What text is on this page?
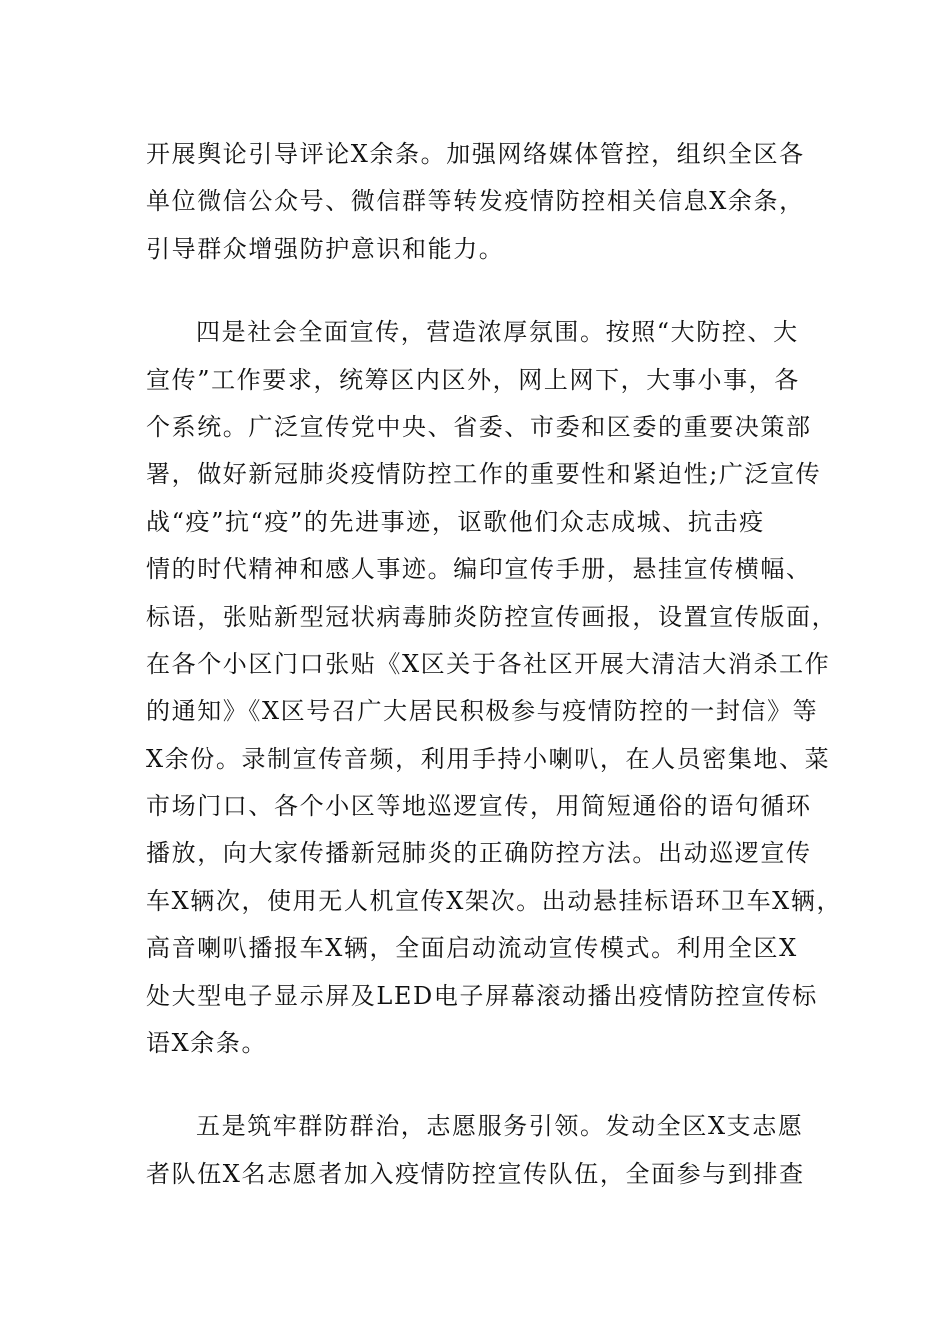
开展舆论引导评论X余条。加强网络媒体管控，组织全区各
单位微信公众号、微信群等转发疫情防控相关信息X余条，
引导群众增强防护意识和能力。
四是社会全面宣传，营造浓厚氛围。按照“大防控、大
宣传”工作要求，统筹区内区外，网上网下，大事小事，各
个系统。广泛宣传党中央、省委、市委和区委的重要决策部
署，做好新冠肺炎疫情防控工作的重要性和紧迫性;广泛宣传
战“疫”抗“疫”的先进事迹，讴歌他们众志成城、抗击疫
情的时代精神和感人事迹。编印宣传手册，悬挂宣传横幅、
标语，张贴新型冠状病毒肺炎防控宣传画报，设置宣传版面，
在各个小区门口张贴《X区关于各社区开展大清洁大消杀工作
的通知》《X区号召广大居民积极参与疫情防控的一封信》等
X余份。录制宣传音频，利用手持小喇叭，在人员密集地、菜
市场门口、各个小区等地巡逻宣传，用简短通俗的语句循环
播放，向大家传播新冠肺炎的正确防控方法。出动巡逻宣传
车X辆次，使用无人机宣传X架次。出动悬挂标语环卫车X辆，
高音喇叭播报车X辆，全面启动流动宣传模式。利用全区X
处大型电子显示屏及LED电子屏幕滚动播出疫情防控宣传标
语X余条。
五是筑牢群防群治，志愿服务引领。发动全区X支志愿
者队伍X名志愿者加入疫情防控宣传队伍，全面参与到排查
